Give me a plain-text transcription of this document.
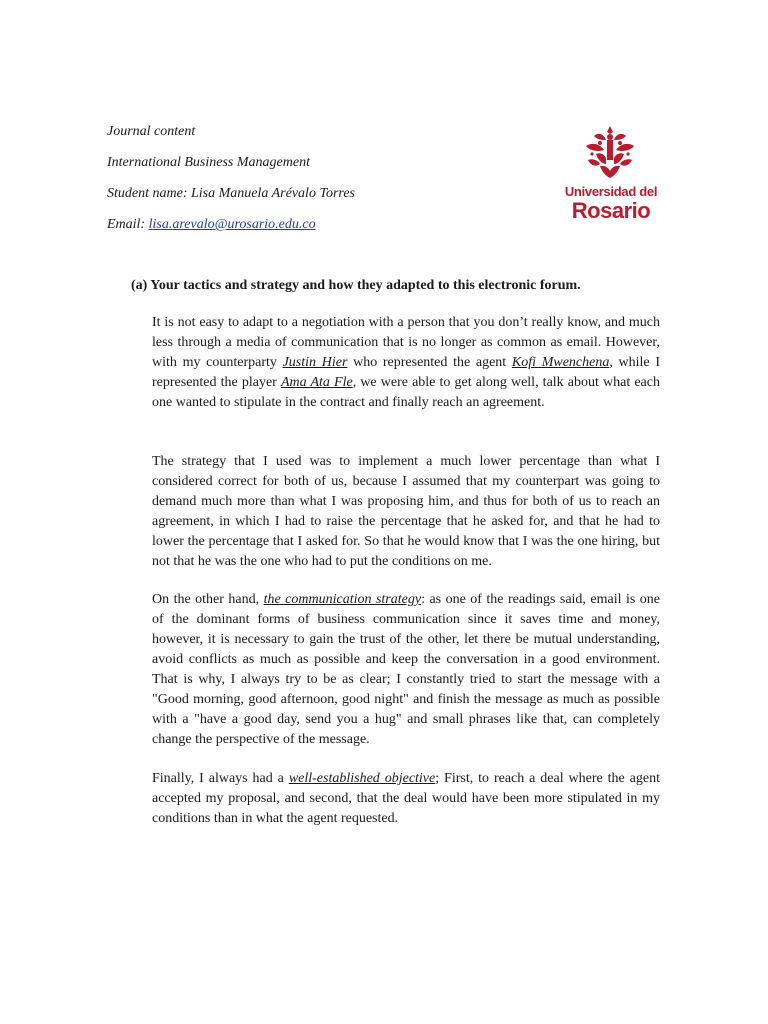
Journal content
International Business Management
Student name: Lisa Manuela Arévalo Torres
Email: lisa.arevalo@urosario.edu.co
Universidad del
Rosario
(a) Your tactics and strategy and how they adapted to this electronic forum.
It is not easy to adapt to a negotiation with a person that you don’t really know, and much less through a media of communication that is no longer as common as email. However, with my counterparty Justin Hier who represented the agent Kofi Mwenchena, while I represented the player Ama Ata Fle, we were able to get along well, talk about what each one wanted to stipulate in the contract and finally reach an agreement.
The strategy that I used was to implement a much lower percentage than what I considered correct for both of us, because I assumed that my counterpart was going to demand much more than what I was proposing him, and thus for both of us to reach an agreement, in which I had to raise the percentage that he asked for, and that he had to lower the percentage that I asked for. So that he would know that I was the one hiring, but not that he was the one who had to put the conditions on me.
On the other hand, the communication strategy: as one of the readings said, email is one of the dominant forms of business communication since it saves time and money, however, it is necessary to gain the trust of the other, let there be mutual understanding, avoid conflicts as much as possible and keep the conversation in a good environment. That is why, I always try to be as clear; I constantly tried to start the message with a "Good morning, good afternoon, good night" and finish the message as much as possible with a "have a good day, send you a hug" and small phrases like that, can completely change the perspective of the message.
Finally, I always had a well-established objective; First, to reach a deal where the agent accepted my proposal, and second, that the deal would have been more stipulated in my conditions than in what the agent requested.
